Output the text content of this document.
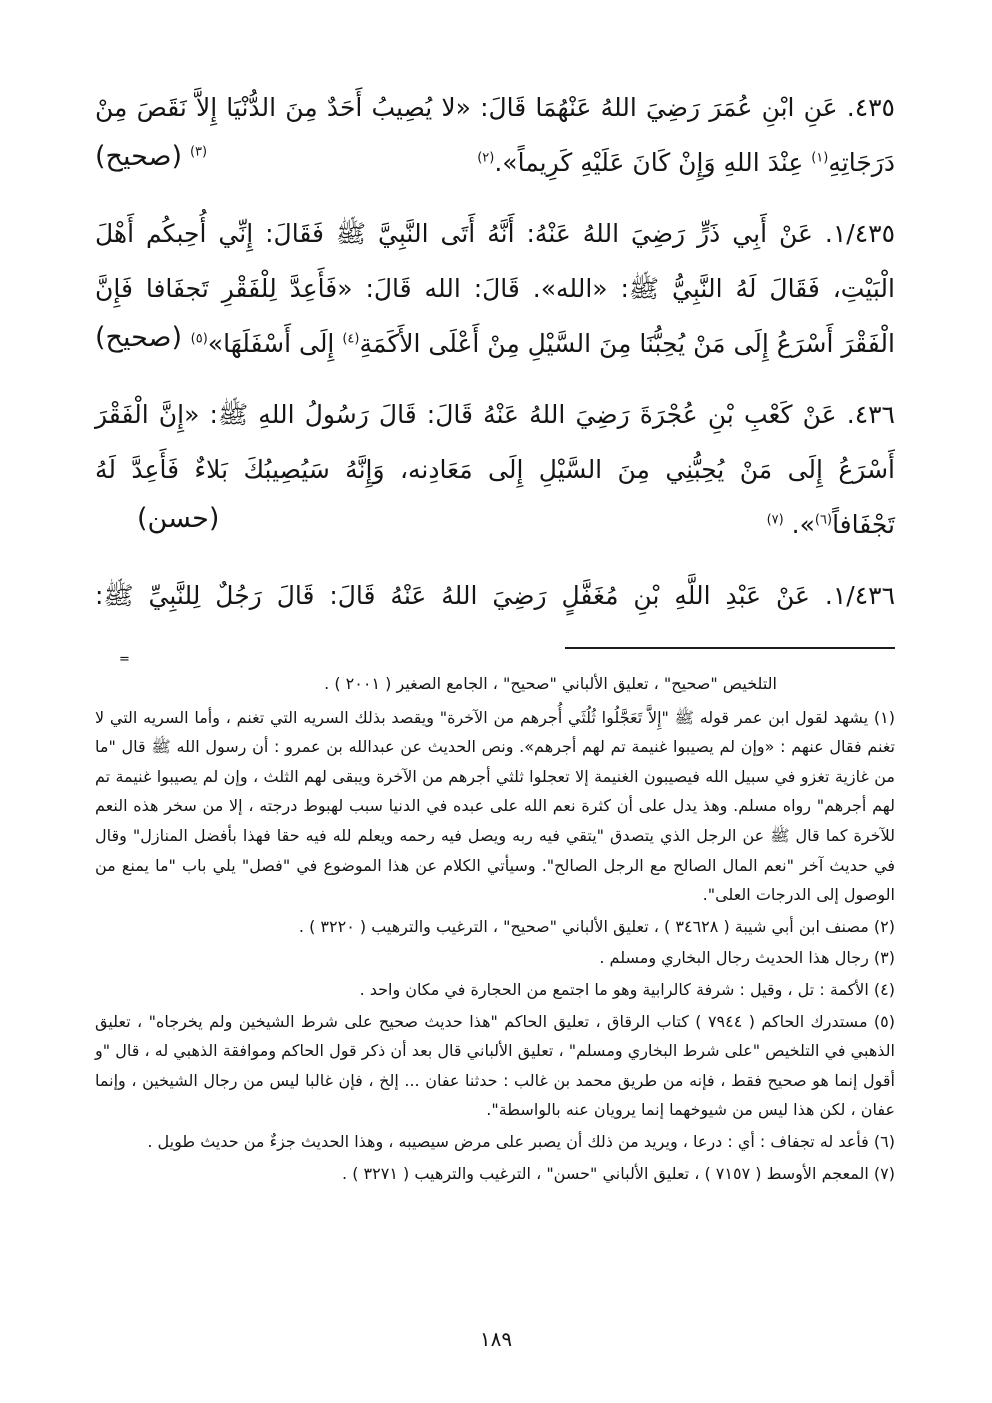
٤٣٥. عَنِ ابْنِ عُمَرَ رَضِيَ اللهُ عَنْهُمَا قَالَ: «لا يُصِيبُ أَحَدٌ مِنَ الدُّنْيَا إِلاَّ نَقَصَ مِنْ دَرَجَاتِهِ$^{(١)}$ عِنْدَ اللهِ وَإِنْ كَانَ عَلَيْهِ كَرِيماً».$^{(٢)}$
$^{(٣)}$ (صحيح)

١/٤٣٥. عَنْ أَبِي ذَرٍّ رَضِيَ اللهُ عَنْهُ: أَنَّهُ أَتَى النَّبِيَّ ﷺ فَقَالَ: إِنِّي أُحِبكُم أَهْلَ الْبَيْتِ، فَقَالَ لَهُ النَّبِيُّ ﷺ: «الله». قَالَ: الله قَالَ: «فَأَعِدَّ لِلْفَقْرِ تَجفَافا فَإِنَّ الْفَقْرَ أَسْرَعُ إِلَى مَنْ يُحِبُّنَا مِنَ السَّيْلِ مِنْ أَعْلَى الأَكَمَةِ$^{(٤)}$ إِلَى أَسْفَلَهَا»$^{(٥)}$
(صحيح)

٤٣٦. عَنْ كَعْبِ بْنِ عُجْرَةَ رَضِيَ اللهُ عَنْهُ قَالَ: قَالَ رَسُولُ اللهِ ﷺ: «إِنَّ الْفَقْرَ أَسْرَعُ إِلَى مَنْ يُحِبُّنِي مِنَ السَّيْلِ إِلَى مَعَادِنه، وَإِنَّهُ سَيُصِيبُكَ بَلاءٌ فَأَعِدَّ لَهُ تَجْفَافاً$^{(٦)}$». $^{(٧)}$
(حسن)

١/٤٣٦. عَنْ عَبْدِ اللَّهِ بْنِ مُغَفَّلٍ رَضِيَ اللهُ عَنْهُ قَالَ: قَالَ رَجُلٌ لِلنَّبِيِّ ﷺ:

=

التلخيص "صحيح" ، تعليق الألباني "صحيح" ، الجامع الصغير ( ٢٠٠١ ) .

(١) يشهد لقول ابن عمر قوله ﷺ "إِلاَّ تَعَجَّلُوا ثُلُثَي أُجرهم من الآخرة" ويقصد بذلك السريه التي تغنم ، وأما السريه التي لا تغنم فقال عنهم : «وإن لم يصيبوا غنيمة تم لهم أجرهم». ونص الحديث عن عبدالله بن عمرو : أن رسول الله ﷺ قال "ما من غازية تغزو في سبيل الله فيصيبون الغنيمة إلا تعجلوا ثلثي أجرهم من الآخرة ويبقى لهم الثلث ، وإن لم يصيبوا غنيمة تم لهم أجرهم" رواه مسلم. وهذ يدل على أن كثرة نعم الله على عبده في الدنيا سبب لهبوط درجته ، إلا من سخر هذه النعم للآخرة كما قال ﷺ عن الرجل الذي يتصدق "يتقي فيه ربه ويصل فيه رحمه ويعلم لله فيه حقا فهذا بأفضل المنازل" وقال في حديث آخر "نعم المال الصالح مع الرجل الصالح". وسيأتي الكلام عن هذا الموضوع في "فصل" يلي باب "ما يمنع من الوصول إلى الدرجات العلى".

(٢) مصنف ابن أبي شيبة ( ٣٤٦٢٨ ) ، تعليق الألباني "صحيح" ، الترغيب والترهيب ( ٣٢٢٠ ) .

(٣) رجال هذا الحديث رجال البخاري ومسلم .

(٤) الأكمة : تل ، وقيل : شرفة كالرابية وهو ما اجتمع من الحجارة في مكان واحد .

(٥) مستدرك الحاكم ( ٧٩٤٤ ) كتاب الرقاق ، تعليق الحاكم "هذا حديث صحيح على شرط الشيخين ولم يخرجاه" ، تعليق الذهبي في التلخيص "على شرط البخاري ومسلم" ، تعليق الألباني قال بعد أن ذكر قول الحاكم وموافقة الذهبي له ، قال "و أقول إنما هو صحيح فقط ، فإنه من طريق محمد بن غالب : حدثنا عفان ... إلخ ، فإن غالبا ليس من رجال الشيخين ، وإنما عفان ، لكن هذا ليس من شيوخهما إنما يرويان عنه بالواسطة".

(٦) فأعد له تجفاف : أي : درعا ، ويريد من ذلك أن يصبر على مرض سيصيبه ، وهذا الحديث جزءٌ من حديث طويل .

(٧) المعجم الأوسط ( ٧١٥٧ ) ، تعليق الألباني "حسن" ، الترغيب والترهيب ( ٣٢٧١ ) .

١٨٩
